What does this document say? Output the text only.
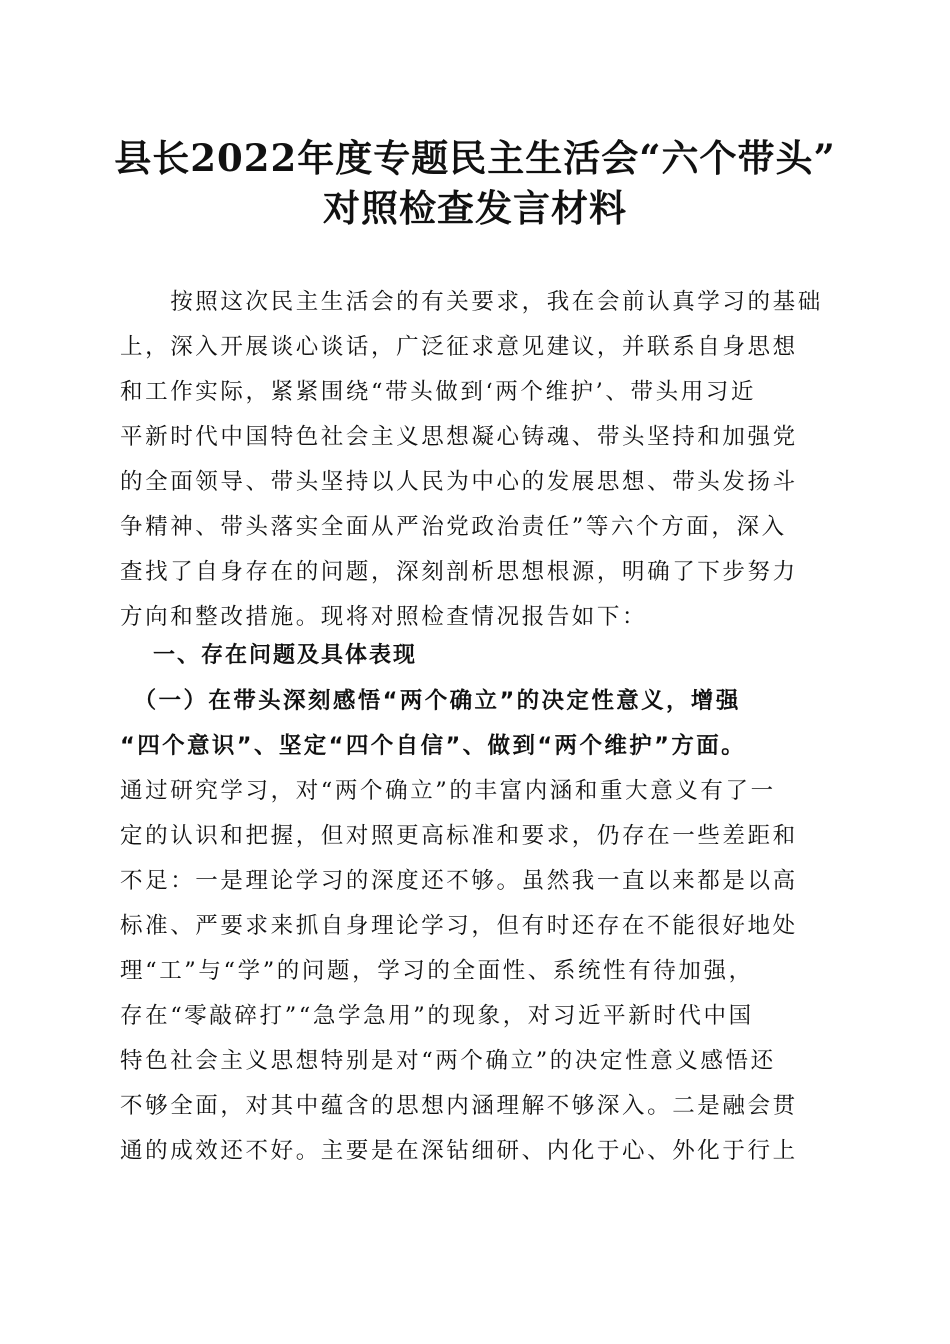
县长2022年度专题民主生活会“六个带头”
对照检查发言材料
　　按照这次民主生活会的有关要求，我在会前认真学习的基础
上，深入开展谈心谈话，广泛征求意见建议，并联系自身思想
和工作实际，紧紧围绕“带头做到‘两个维护’、带头用习近
平新时代中国特色社会主义思想凝心铸魂、带头坚持和加强党
的全面领导、带头坚持以人民为中心的发展思想、带头发扬斗
争精神、带头落实全面从严治党政治责任”等六个方面，深入
查找了自身存在的问题，深刻剖析思想根源，明确了下步努力
方向和整改措施。现将对照检查情况报告如下：
一、存在问题及具体表现
　（一）在带头深刻感悟“两个确立”的决定性意义，增强
“四个意识”、坚定“四个自信”、做到“两个维护”方面。
通过研究学习，对“两个确立”的丰富内涵和重大意义有了一
定的认识和把握，但对照更高标准和要求，仍存在一些差距和
不足：一是理论学习的深度还不够。虽然我一直以来都是以高
标准、严要求来抓自身理论学习，但有时还存在不能很好地处
理“工”与“学”的问题，学习的全面性、系统性有待加强，
存在“零敲碎打”“急学急用”的现象，对习近平新时代中国
特色社会主义思想特别是对“两个确立”的决定性意义感悟还
不够全面，对其中蕴含的思想内涵理解不够深入。二是融会贯
通的成效还不好。主要是在深钻细研、内化于心、外化于行上
